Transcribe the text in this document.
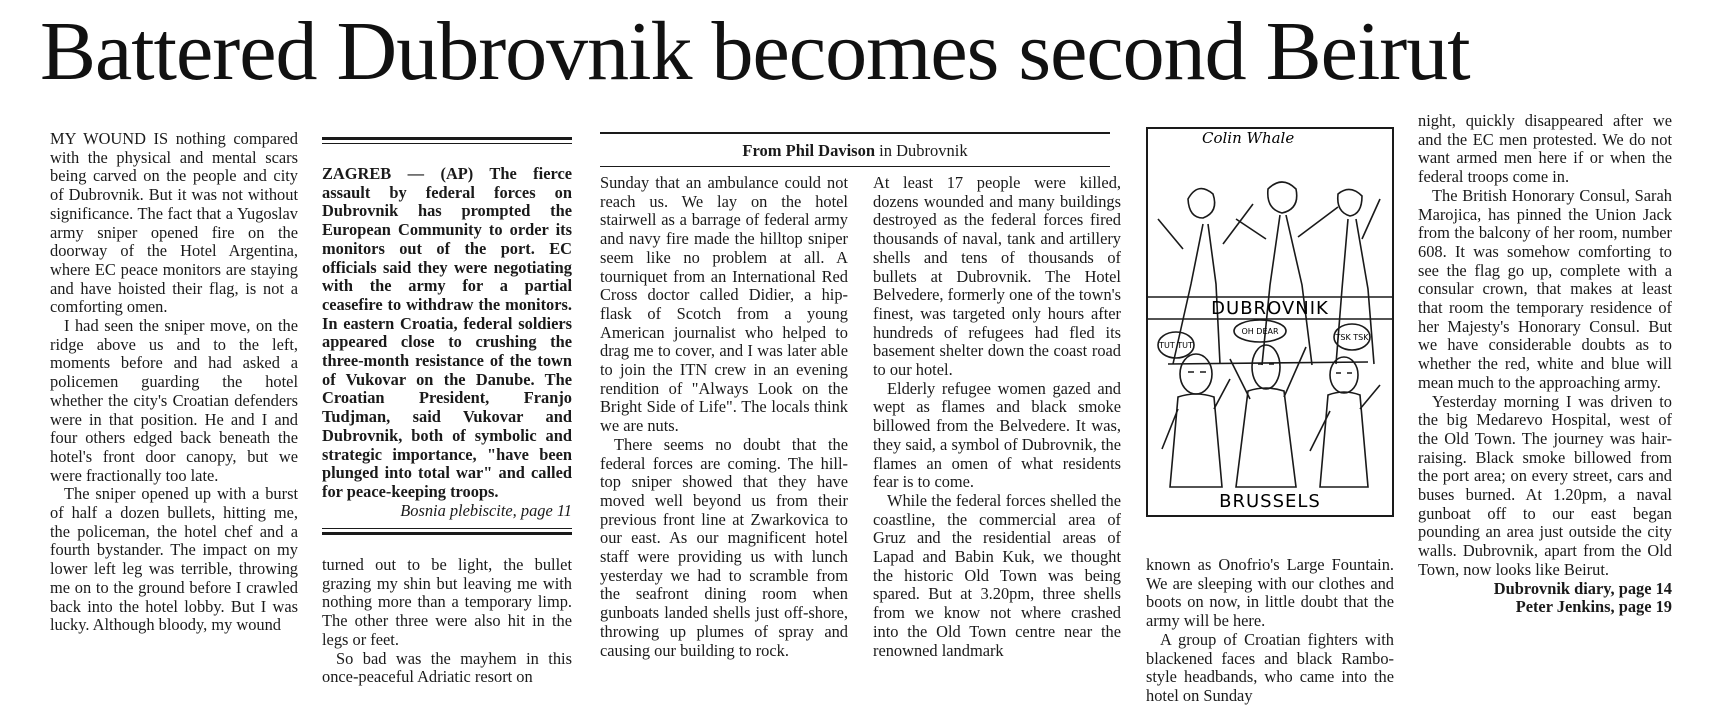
Battered Dubrovnik becomes second Beirut

MY WOUND IS nothing compared with the physical and mental scars being carved on the people and city of Dubrovnik. But it was not without significance. The fact that a Yugoslav army sniper opened fire on the doorway of the Hotel Argentina, where EC peace monitors are staying and have hoisted their flag, is not a comforting omen.

I had seen the sniper move, on the ridge above us and to the left, moments before and had asked a policemen guarding the hotel whether the city's Croatian defenders were in that position. He and I and four others edged back beneath the hotel's front door canopy, but we were fractionally too late.

The sniper opened up with a burst of half a dozen bullets, hitting me, the policeman, the hotel chef and a fourth bystander. The impact on my lower left leg was terrible, throwing me on to the ground before I crawled back into the hotel lobby. But I was lucky. Although bloody, my wound

ZAGREB — (AP) The fierce assault by federal forces on Dubrovnik has prompted the European Community to order its monitors out of the port. EC officials said they were negotiating with the army for a partial ceasefire to withdraw the monitors. In eastern Croatia, federal soldiers appeared close to crushing the three-month resistance of the town of Vukovar on the Danube. The Croatian President, Franjo Tudjman, said Vukovar and Dubrovnik, both of symbolic and strategic importance, "have been plunged into total war" and called for peace-keeping troops.

Bosnia plebiscite, page 11

turned out to be light, the bullet grazing my shin but leaving me with nothing more than a temporary limp. The other three were also hit in the legs or feet.

So bad was the mayhem in this once-peaceful Adriatic resort on

From Phil Davison in Dubrovnik

Sunday that an ambulance could not reach us. We lay on the hotel stairwell as a barrage of federal army and navy fire made the hilltop sniper seem like no problem at all. A tourniquet from an International Red Cross doctor called Didier, a hip-flask of Scotch from a young American journalist who helped to drag me to cover, and I was later able to join the ITN crew in an evening rendition of "Always Look on the Bright Side of Life". The locals think we are nuts.

There seems no doubt that the federal forces are coming. The hill-top sniper showed that they have moved well beyond us from their previous front line at Zwarkovica to our east. As our magnificent hotel staff were providing us with lunch yesterday we had to scramble from the seafront dining room when gunboats landed shells just off-shore, throwing up plumes of spray and causing our building to rock.

At least 17 people were killed, dozens wounded and many buildings destroyed as the federal forces fired thousands of naval, tank and artillery shells and tens of thousands of bullets at Dubrovnik. The Hotel Belvedere, formerly one of the town's finest, was targeted only hours after hundreds of refugees had fled its basement shelter down the coast road to our hotel.

Elderly refugee women gazed and wept as flames and black smoke billowed from the Belvedere. It was, they said, a symbol of Dubrovnik, the flames an omen of what residents fear is to come.

While the federal forces shelled the coastline, the commercial area of Gruz and the residential areas of Lapad and Babin Kuk, we thought the historic Old Town was being spared. But at 3.20pm, three shells from we know not where crashed into the Old Town centre near the renowned landmark

Colin Whale
DUBROVNIK
BRUSSELS
TUT TUT
OH DEAR
TSK TSK

known as Onofrio's Large Fountain. We are sleeping with our clothes and boots on now, in little doubt that the army will be here.

A group of Croatian fighters with blackened faces and black Rambo-style headbands, who came into the hotel on Sunday

night, quickly disappeared after we and the EC men protested. We do not want armed men here if or when the federal troops come in.

The British Honorary Consul, Sarah Marojica, has pinned the Union Jack from the balcony of her room, number 608. It was somehow comforting to see the flag go up, complete with a consular crown, that makes at least that room the temporary residence of her Majesty's Honorary Consul. But we have considerable doubts as to whether the red, white and blue will mean much to the approaching army.

Yesterday morning I was driven to the big Medarevo Hospital, west of the Old Town. The journey was hair-raising. Black smoke billowed from the port area; on every street, cars and buses burned. At 1.20pm, a naval gunboat off to our east began pounding an area just outside the city walls. Dubrovnik, apart from the Old Town, now looks like Beirut.

Dubrovnik diary, page 14

Peter Jenkins, page 19
